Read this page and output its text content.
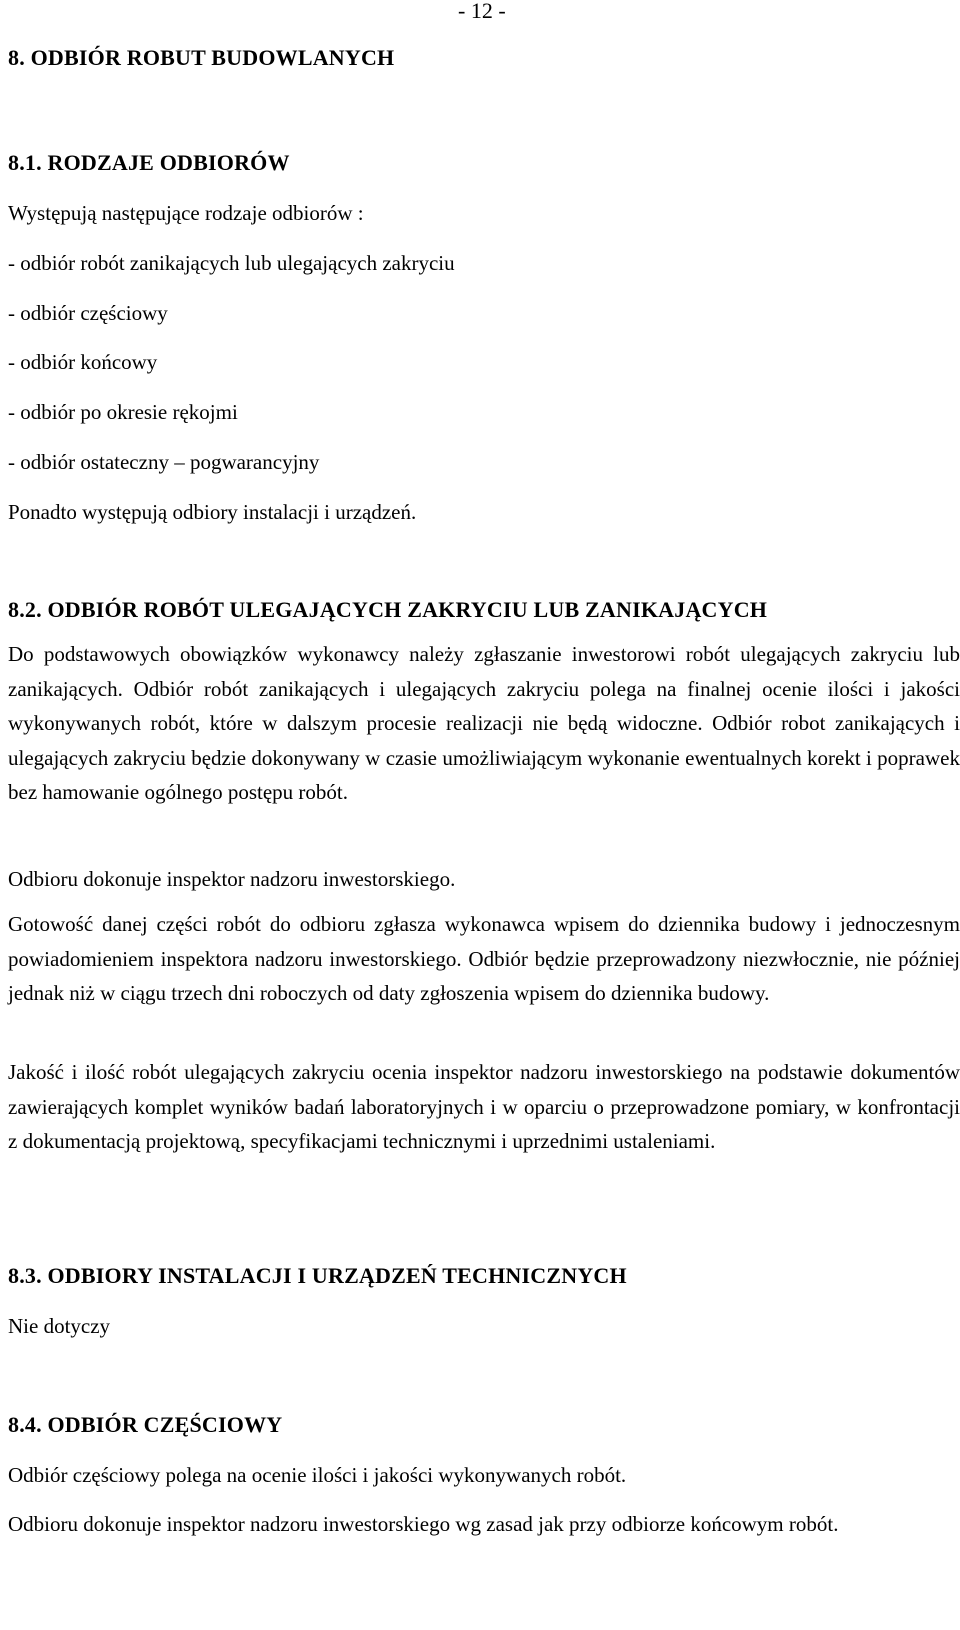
- 12 -
8. ODBIÓR ROBUT BUDOWLANYCH
8.1. RODZAJE ODBIORÓW
Występują następujące rodzaje odbiorów :
- odbiór robót zanikających lub ulegających zakryciu
- odbiór częściowy
- odbiór końcowy
- odbiór po okresie rękojmi
- odbiór ostateczny – pogwarancyjny
Ponadto występują odbiory instalacji i urządzeń.
8.2. ODBIÓR ROBÓT ULEGAJĄCYCH ZAKRYCIU LUB ZANIKAJĄCYCH
Do podstawowych obowiązków wykonawcy należy zgłaszanie inwestorowi robót ulegających zakryciu lub zanikających. Odbiór robót zanikających i ulegających zakryciu polega na finalnej ocenie ilości i jakości wykonywanych robót, które w dalszym procesie realizacji nie będą widoczne. Odbiór robot zanikających i ulegających zakryciu będzie dokonywany w czasie umożliwiającym wykonanie ewentualnych korekt i poprawek bez hamowanie ogólnego postępu robót.
Odbioru dokonuje inspektor nadzoru inwestorskiego.
Gotowość danej części robót do odbioru zgłasza wykonawca wpisem do dziennika budowy i jednoczesnym powiadomieniem inspektora nadzoru inwestorskiego. Odbiór będzie przeprowadzony niezwłocznie, nie później jednak niż w ciągu trzech dni roboczych od daty zgłoszenia wpisem do dziennika budowy.
Jakość i ilość robót ulegających zakryciu ocenia inspektor nadzoru inwestorskiego na podstawie dokumentów zawierających komplet wyników badań laboratoryjnych i w oparciu o przeprowadzone pomiary, w konfrontacji z dokumentacją projektową, specyfikacjami technicznymi i uprzednimi ustaleniami.
8.3. ODBIORY INSTALACJI I URZĄDZEŃ TECHNICZNYCH
Nie dotyczy
8.4. ODBIÓR CZĘŚCIOWY
Odbiór częściowy polega na ocenie ilości i jakości wykonywanych robót.
Odbioru dokonuje inspektor nadzoru inwestorskiego wg zasad jak przy odbiorze końcowym robót.
